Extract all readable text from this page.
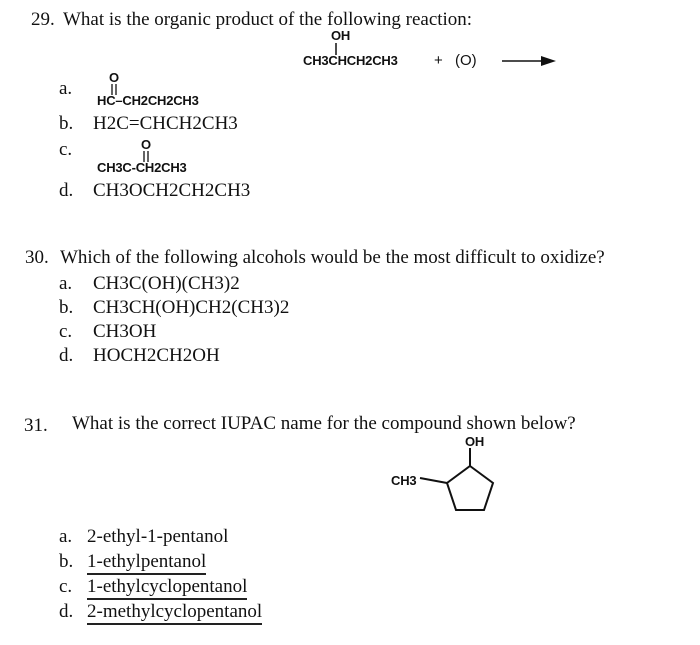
29. What is the organic product of the following reaction:
OH
CH3CHCH2CH3 + (O)
a.
O
HC–CH2CH2CH3
b. H2C=CHCH2CH3
c.	O
CH3C-CH2CH3
d. CH3OCH2CH2CH3
30. Which of the following alcohols would be the most difficult to oxidize?
a. CH3C(OH)(CH3)2
b. CH3CH(OH)CH2(CH3)2
c. CH3OH
d. HOCH2CH2OH
31. What is the correct IUPAC name for the compound shown below?
OH
CH3
a. 2-ethyl-1-pentanol
b. 1-ethylpentanol
c. 1-ethylcyclopentanol
d. 2-methylcyclopentanol
